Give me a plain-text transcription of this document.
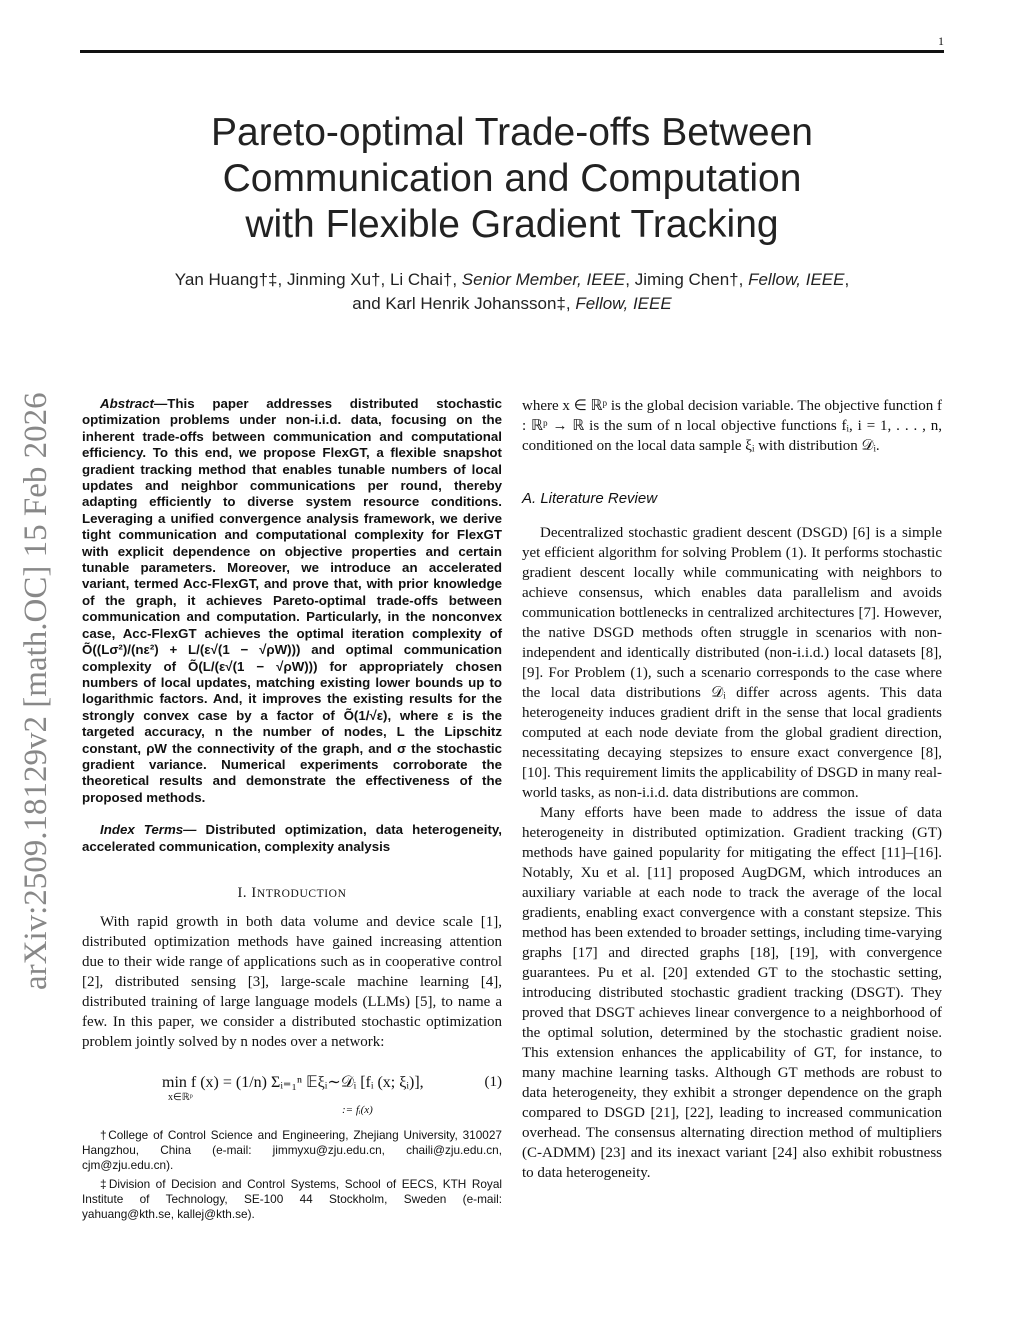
1
Pareto-optimal Trade-offs Between
Communication and Computation
with Flexible Gradient Tracking
Yan Huang†‡, Jinming Xu†, Li Chai†, Senior Member, IEEE, Jiming Chen†, Fellow, IEEE,
and Karl Henrik Johansson‡, Fellow, IEEE
arXiv:2509.18129v2 [math.OC] 15 Feb 2026	Abstract—This paper addresses distributed stochastic optimization problems under non-i.i.d. data, focusing on the inherent trade-offs between communication and computational efficiency. To this end, we propose FlexGT, a flexible snapshot gradient tracking method that enables tunable numbers of local updates and neighbor communications per round, thereby adapting efficiently to diverse system resource conditions. Leveraging a unified convergence analysis framework, we derive tight communication and computational complexity for FlexGT with explicit dependence on objective properties and certain tunable parameters. Moreover, we introduce an accelerated variant, termed Acc-FlexGT, and prove that, with prior knowledge of the graph, it achieves Pareto-optimal trade-offs between communication and computation. Particularly, in the nonconvex case, Acc-FlexGT achieves the optimal iteration complexity of Õ((Lσ²)/(nε²) + L/(ε√(1 − √ρW))) and optimal communication complexity of Õ(L/(ε√(1 − √ρW))) for appropriately chosen numbers of local updates, matching existing lower bounds up to logarithmic factors. And, it improves the existing results for the strongly convex case by a factor of Õ(1/√ε), where ε is the targeted accuracy, n the number of nodes, L the Lipschitz constant, ρW the connectivity of the graph, and σ the stochastic gradient variance. Numerical experiments corroborate the theoretical results and demonstrate the effectiveness of the proposed methods.
Index Terms— Distributed optimization, data heterogeneity, accelerated communication, complexity analysis
I. INTRODUCTION

With rapid growth in both data volume and device scale [1], distributed optimization methods have gained increasing attention due to their wide range of applications such as in cooperative control [2], distributed sensing [3], large-scale machine learning [4], distributed training of large language models (LLMs) [5], to name a few. In this paper, we consider a distributed stochastic optimization problem jointly solved by n nodes over a network:

min f (x) = (1/n) Σᵢ₌₁ⁿ 𝔼ξᵢ∼𝒟ᵢ [fᵢ (x; ξᵢ)],
x∈ℝᵖ
:= fᵢ(x)
(1)
†College of Control Science and Engineering, Zhejiang University, 310027 Hangzhou, China (e-mail: jimmyxu@zju.edu.cn, chaili@zju.edu.cn, cjm@zju.edu.cn).
‡Division of Decision and Control Systems, School of EECS, KTH Royal Institute of Technology, SE-100 44 Stockholm, Sweden (e-mail: yahuang@kth.se, kallej@kth.se).

where x ∈ ℝᵖ is the global decision variable. The objective function f : ℝᵖ → ℝ is the sum of n local objective functions fᵢ, i = 1, . . . , n, conditioned on the local data sample ξᵢ with distribution 𝒟ᵢ.

A. Literature Review

Decentralized stochastic gradient descent (DSGD) [6] is a simple yet efficient algorithm for solving Problem (1). It performs stochastic gradient descent locally while communicating with neighbors to achieve consensus, which enables data parallelism and avoids communication bottlenecks in centralized architectures [7]. However, the native DSGD methods often struggle in scenarios with non-independent and identically distributed (non-i.i.d.) local datasets [8], [9]. For Problem (1), such a scenario corresponds to the case where the local data distributions 𝒟ᵢ differ across agents. This data heterogeneity induces gradient drift in the sense that local gradients computed at each node deviate from the global gradient direction, necessitating decaying stepsizes to ensure exact convergence [8], [10]. This requirement limits the applicability of DSGD in many real-world tasks, as non-i.i.d. data distributions are common.

Many efforts have been made to address the issue of data heterogeneity in distributed optimization. Gradient tracking (GT) methods have gained popularity for mitigating the effect [11]–[16]. Notably, Xu et al. [11] proposed AugDGM, which introduces an auxiliary variable at each node to track the average of the local gradients, enabling exact convergence with a constant stepsize. This method has been extended to broader settings, including time-varying graphs [17] and directed graphs [18], [19], with convergence guarantees. Pu et al. [20] extended GT to the stochastic setting, introducing distributed stochastic gradient tracking (DSGT). They proved that DSGT achieves linear convergence to a neighborhood of the optimal solution, determined by the stochastic gradient noise. This extension enhances the applicability of GT, for instance, to many machine learning tasks. Although GT methods are robust to data heterogeneity, they exhibit a stronger dependence on the graph compared to DSGD [21], [22], leading to increased communication overhead. The consensus alternating direction method of multipliers (C-ADMM) [23] and its inexact variant [24] also exhibit robustness to data heterogeneity.
